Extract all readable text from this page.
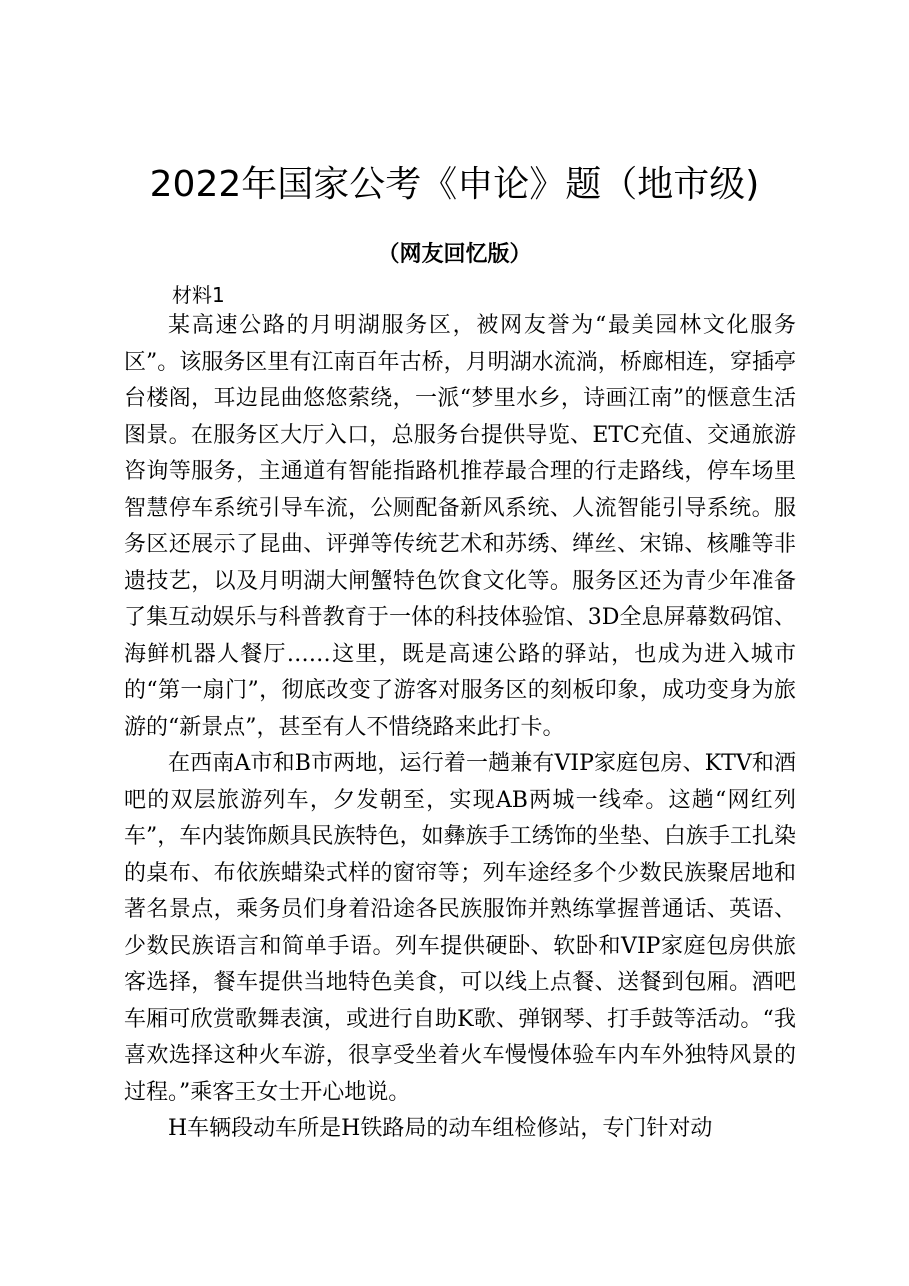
2022年国家公考《申论》题（地市级)
（网友回忆版）
材料1

某高速公路的月明湖服务区，被网友誉为“最美园林文化服务区”。该服务区里有江南百年古桥，月明湖水流淌，桥廊相连，穿插亭台楼阁，耳边昆曲悠悠萦绕，一派“梦里水乡，诗画江南”的惬意生活图景。在服务区大厅入口，总服务台提供导览、ETC充值、交通旅游咨询等服务，主通道有智能指路机推荐最合理的行走路线，停车场里智慧停车系统引导车流，公厕配备新风系统、人流智能引导系统。服务区还展示了昆曲、评弹等传统艺术和苏绣、缂丝、宋锦、核雕等非遗技艺，以及月明湖大闸蟹特色饮食文化等。服务区还为青少年准备了集互动娱乐与科普教育于一体的科技体验馆、3D全息屏幕数码馆、海鲜机器人餐厅……这里，既是高速公路的驿站，也成为进入城市的“第一扇门”，彻底改变了游客对服务区的刻板印象，成功变身为旅游的“新景点”，甚至有人不惜绕路来此打卡。

在西南A市和B市两地，运行着一趟兼有VIP家庭包房、KTV和酒吧的双层旅游列车，夕发朝至，实现AB两城一线牵。这趟“网红列车”，车内装饰颇具民族特色，如彝族手工绣饰的坐垫、白族手工扎染的桌布、布依族蜡染式样的窗帘等；列车途经多个少数民族聚居地和著名景点，乘务员们身着沿途各民族服饰并熟练掌握普通话、英语、少数民族语言和简单手语。列车提供硬卧、软卧和VIP家庭包房供旅客选择，餐车提供当地特色美食，可以线上点餐、送餐到包厢。酒吧车厢可欣赏歌舞表演，或进行自助K歌、弹钢琴、打手鼓等活动。“我喜欢选择这种火车游，很享受坐着火车慢慢体验车内车外独特风景的过程。”乘客王女士开心地说。

H车辆段动车所是H铁路局的动车组检修站，专门针对动
